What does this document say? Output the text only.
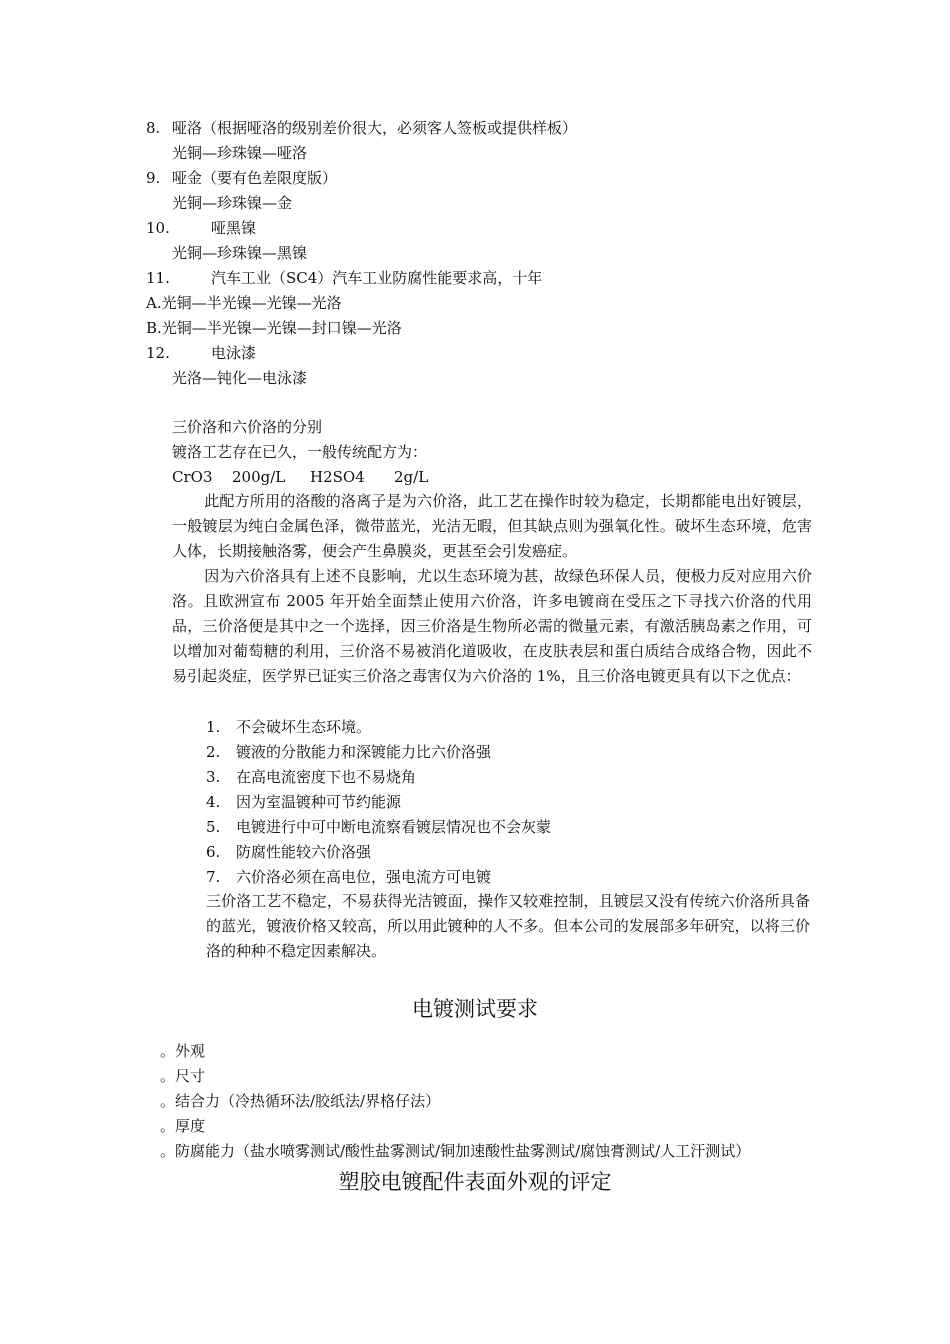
8. 哑洛（根据哑洛的级别差价很大，必须客人签板或提供样板）
光铜—珍珠镍—哑洛
9. 哑金（要有色差限度版）
光铜—珍珠镍—金
10.	哑黑镍
光铜—珍珠镍—黑镍
11.	汽车工业（SC4）汽车工业防腐性能要求高，十年
A.光铜—半光镍—光镍—光洛
B.光铜—半光镍—光镍—封口镍—光洛
12.	电泳漆
光洛—钝化—电泳漆
三价洛和六价洛的分别
镀洛工艺存在已久，一般传统配方为：
CrO3 200g/L H2SO4 2g/L
此配方所用的洛酸的洛离子是为六价洛，此工艺在操作时较为稳定，长期都能电出好镀层，一般镀层为纯白金属色泽，微带蓝光，光洁无暇，但其缺点则为强氧化性。破坏生态环境，危害人体，长期接触洛雾，便会产生鼻膜炎，更甚至会引发癌症。
因为六价洛具有上述不良影响，尤以生态环境为甚，故绿色环保人员，便极力反对应用六价洛。且欧洲宣布 2005 年开始全面禁止使用六价洛，许多电镀商在受压之下寻找六价洛的代用品，三价洛便是其中之一个选择，因三价洛是生物所必需的微量元素，有激活胰岛素之作用，可以增加对葡萄糖的利用，三价洛不易被消化道吸收，在皮肤表层和蛋白质结合成络合物，因此不易引起炎症，医学界已证实三价洛之毒害仅为六价洛的 1%，且三价洛电镀更具有以下之优点：
1. 不会破坏生态环境。
2. 镀液的分散能力和深镀能力比六价洛强
3. 在高电流密度下也不易烧角
4. 因为室温镀种可节约能源
5. 电镀进行中可中断电流察看镀层情况也不会灰蒙
6. 防腐性能较六价洛强
7. 六价洛必须在高电位，强电流方可电镀
三价洛工艺不稳定，不易获得光洁镀面，操作又较难控制，且镀层又没有传统六价洛所具备的蓝光，镀液价格又较高，所以用此镀种的人不多。但本公司的发展部多年研究，以将三价洛的种种不稳定因素解决。
电镀测试要求
。外观
。尺寸
。结合力（冷热循环法/胶纸法/界格仔法）
。厚度
。防腐能力（盐水喷雾测试/酸性盐雾测试/铜加速酸性盐雾测试/腐蚀膏测试/人工汗测试）
塑胶电镀配件表面外观的评定
